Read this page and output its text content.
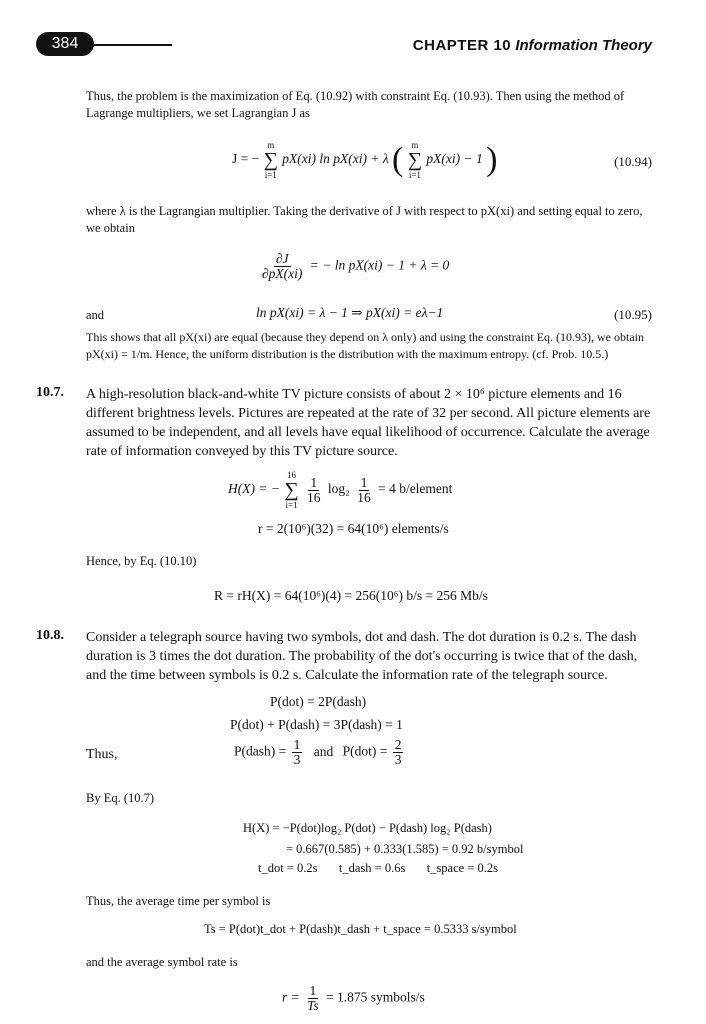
384	CHAPTER 10 Information Theory
Thus, the problem is the maximization of Eq. (10.92) with constraint Eq. (10.93). Then using the method of
Lagrange multipliers, we set Lagrangian J as
J = −
m
∑
i=1
pX(xi) ln pX(xi) + λ ( m
∑
i=1
pX(xi) − 1 )	(10.94)
where λ is the Lagrangian multiplier. Taking the derivative of J with respect to pX(xi) and setting equal to zero,
we obtain
$\frac{\partial J}{\partial pX(xi)}$ = − ln pX(xi) − 1 + λ = 0
and	ln pX(xi) = λ − 1 ⇒ pX(xi) = eλ−1	(10.95)
This shows that all pX(xi) are equal (because they depend on λ only) and using the constraint Eq. (10.93), we obtain
pX(xi) = 1/m. Hence, the uniform distribution is the distribution with the maximum entropy. (cf. Prob. 10.5.)
10.7. A high-resolution black-and-white TV picture consists of about 2 × 10⁶ picture elements and 16
different brightness levels. Pictures are repeated at the rate of 32 per second. All picture elements are
assumed to be independent, and all levels have equal likelihood of occurrence. Calculate the average
rate of information conveyed by this TV picture source.
H(X) = −
16
∑
i=1

$\frac{1}{16} \log_2 \frac{1}{16} = 4$ b/element
r = 2(10⁶)(32) = 64(10⁶) elements/s
Hence, by Eq. (10.10)
R = rH(X) = 64(10⁶)(4) = 256(10⁶) b/s = 256 Mb/s
10.8. Consider a telegraph source having two symbols, dot and dash. The dot duration is 0.2 s. The dash
duration is 3 times the dot duration. The probability of the dot's occurring is twice that of the dash,
and the time between symbols is 0.2 s. Calculate the information rate of the telegraph source.
P(dot) = 2P(dash)
P(dot) + P(dash) = 3P(dash) = 1
Thus,	P(dash) = $\frac{1}{3}$ and $P(dot) = \frac{2}{3}$
By Eq. (10.7)
H(X) = −P(dot)log₂ P(dot) − P(dash) log₂ P(dash)
= 0.667(0.585) + 0.333(1.585) = 0.92 b/symbol
t_dot = 0.2s t_dash = 0.6s t_space = 0.2s
Thus, the average time per symbol is
Ts = P(dot)t_dot + P(dash)t_dash + t_space = 0.5333 s/symbol
and the average symbol rate is
$r = \frac{1}{Ts} = 1.875$ symbols/s
